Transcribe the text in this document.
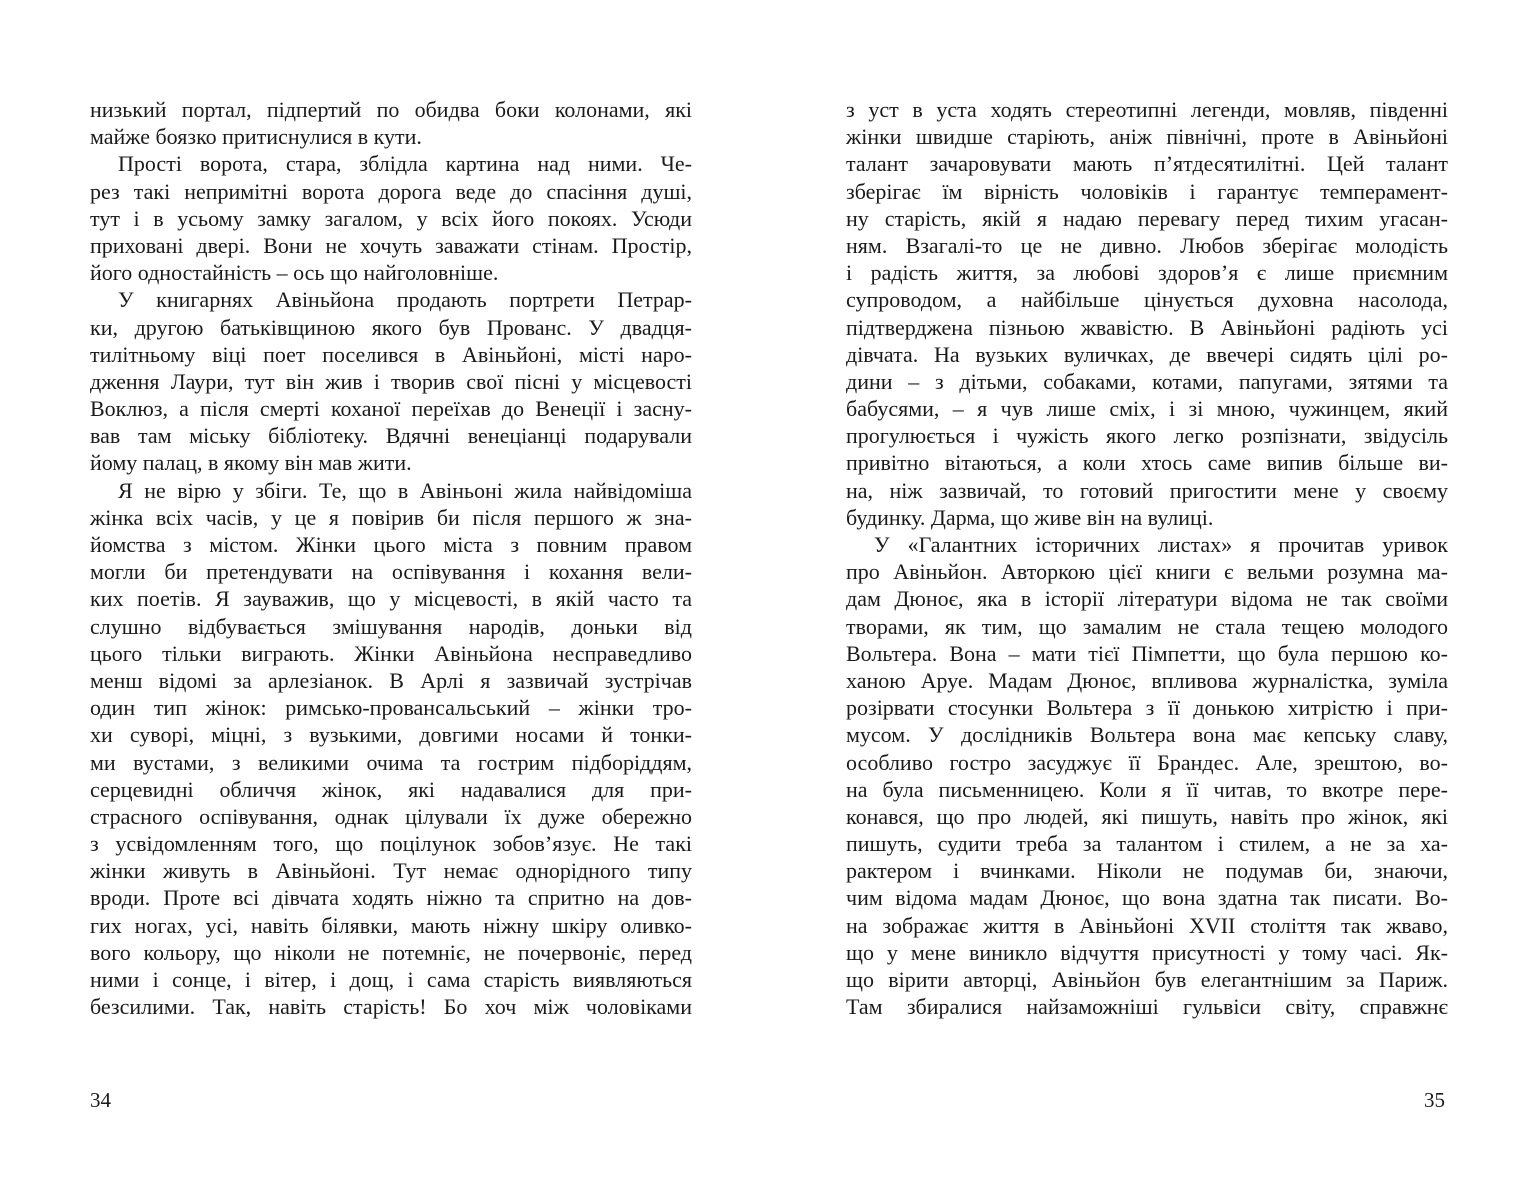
низький портал, підпертий по обидва боки колонами, які
майже боязко притиснулися в кути.
Прості ворота, стара, зблідла картина над ними. Че-
рез такі непримітні ворота дорога веде до спасіння душі,
тут і в усьому замку загалом, у всіх його покоях. Усюди
приховані двері. Вони не хочуть заважати стінам. Простір,
його одностайність – ось що найголовніше.
У книгарнях Авіньйона продають портрети Петрар-
ки, другою батьківщиною якого був Прованс. У двадця-
тилітньому віці поет поселився в Авіньйоні, місті наро-
дження Лаури, тут він жив і творив свої пісні у місцевості
Воклюз, а після смерті коханої переїхав до Венеції і засну-
вав там міську бібліотеку. Вдячні венеціанці подарували
йому палац, в якому він мав жити.
Я не вірю у збіги. Те, що в Авіньоні жила найвідоміша
жінка всіх часів, у це я повірив би після першого ж зна-
йомства з містом. Жінки цього міста з повним правом
могли би претендувати на оспівування і кохання вели-
ких поетів. Я зауважив, що у місцевості, в якій часто та
слушно відбувається змішування народів, доньки від
цього тільки виграють. Жінки Авіньйона несправедливо
менш відомі за арлезіанок. В Арлі я зазвичай зустрічав
один тип жінок: римсько-провансальський – жінки тро-
хи суворі, міцні, з вузькими, довгими носами й тонки-
ми вустами, з великими очима та гострим підборіддям,
серцевидні обличчя жінок, які надавалися для при-
страсного оспівування, однак цілували їх дуже обережно
з усвідомленням того, що поцілунок зобов’язує. Не такі
жінки живуть в Авіньйоні. Тут немає однорідного типу
вроди. Проте всі дівчата ходять ніжно та спритно на дов-
гих ногах, усі, навіть білявки, мають ніжну шкіру оливко-
вого кольору, що ніколи не потемніє, не почервоніє, перед
ними і сонце, і вітер, і дощ, і сама старість виявляються
безсилими. Так, навіть старість! Бо хоч між чоловіками
34
з уст в уста ходять стереотипні легенди, мовляв, південні
жінки швидше старіють, аніж північні, проте в Авіньйоні
талант зачаровувати мають п’ятдесятилітні. Цей талант
зберігає їм вірність чоловіків і гарантує темперамент-
ну старість, якій я надаю перевагу перед тихим угасан-
ням. Взагалі-то це не дивно. Любов зберігає молодість
і радість життя, за любові здоров’я є лише приємним
супроводом, а найбільше цінується духовна насолода,
підтверджена пізньою жвавістю. В Авіньйоні радіють усі
дівчата. На вузьких вуличках, де ввечері сидять цілі ро-
дини – з дітьми, собаками, котами, папугами, зятями та
бабусями, – я чув лише сміх, і зі мною, чужинцем, який
прогулюється і чужість якого легко розпізнати, звідусіль
привітно вітаються, а коли хтось саме випив більше ви-
на, ніж зазвичай, то готовий пригостити мене у своєму
будинку. Дарма, що живе він на вулиці.
У «Галантних історичних листах» я прочитав уривок
про Авіньйон. Авторкою цієї книги є вельми розумна ма-
дам Дюноє, яка в історії літератури відома не так своїми
творами, як тим, що замалим не стала тещею молодого
Вольтера. Вона – мати тієї Пімпетти, що була першою ко-
ханою Аруе. Мадам Дюноє, впливова журналістка, зуміла
розірвати стосунки Вольтера з її донькою хитрістю і при-
мусом. У дослідників Вольтера вона має кепську славу,
особливо гостро засуджує її Брандес. Але, зрештою, во-
на була письменницею. Коли я її читав, то вкотре пере-
конався, що про людей, які пишуть, навіть про жінок, які
пишуть, судити треба за талантом і стилем, а не за ха-
рактером і вчинками. Ніколи не подумав би, знаючи,
чим відома мадам Дюноє, що вона здатна так писати. Во-
на зображає життя в Авіньйоні XVII століття так жваво,
що у мене виникло відчуття присутності у тому часі. Як-
що вірити авторці, Авіньйон був елегантнішим за Париж.
Там збиралися найзаможніші гульвіси світу, справжнє
35
